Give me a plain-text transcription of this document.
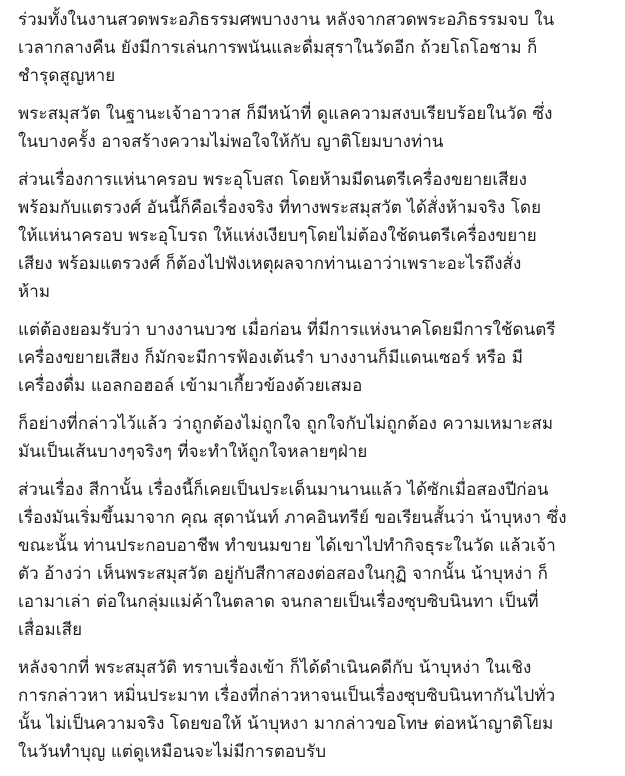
ร่วมทั้งในงานสวดพระอภิธรรมศพบางงาน หลังจากสวดพระอภิธรรมจบ ใน
เวลากลางคืน ยังมีการเล่นการพนันและดื่มสุราในวัดอีก ถ้วยโถโอชาม ก็
ชำรุดสูญหาย

พระสมุสวัต ในฐานะเจ้าอาวาส ก็มีหน้าที่ ดูแลความสงบเรียบร้อยในวัด ซึ่ง
ในบางครั้ง อาจสร้างความไม่พอใจให้กับ ญาติโยมบางท่าน

ส่วนเรื่องการแห่นาครอบ พระอุโบสถ โดยห้ามมีดนตรีเครื่องขยายเสียง
พร้อมกับแตรวงศ์ อันนี้ก็คือเรื่องจริง ที่ทางพระสมุสวัต ได้สั่งห้ามจริง โดย
ให้แห่นาครอบ พระอุโบรถ ให้แห่งเงียบๆโดยไม่ต้องใช้ดนตรีเครื่องขยาย
เสียง พร้อมแตรวงศ์ ก็ต้องไปฟังเหตุผลจากท่านเอาว่าเพราะอะไรถึงสั่ง
ห้าม

แต่ต้องยอมรับว่า บางงานบวช เมื่อก่อน ที่มีการแห่งนาคโดยมีการใช้ดนตรี
เครื่องขยายเสียง ก็มักจะมีการฟ้องเต้นรำ บางงานก็มีแดนเซอร์ หรือ มี
เครื่องดื่ม แอลกอฮอล์ เข้ามาเกี้ยวข้องด้วยเสมอ

ก็อย่างที่กล่าวไว้แล้ว ว่าถูกต้องไม่ถูกใจ ถูกใจกับไม่ถูกต้อง ความเหมาะสม
มันเป็นเส้นบางๆจริงๆ ที่จะทำให้ถูกใจหลายๆฝ่าย

ส่วนเรื่อง สีกานั้น เรื่องนี้ก็เคยเป็นประเด็นมานานแล้ว ได้ซักเมื่อสองปีก่อน
เรื่องมันเริ่มขึ้นมาจาก คุณ สุดานันท์ ภาคอินทรีย์ ขอเรียนสั้นว่า น้าบุหงา ซึ่ง
ขณะนั้น ท่านประกอบอาชีพ ทำขนมขาย ได้เขาไปทำกิจธุระในวัด แล้วเจ้า
ตัว อ้างว่า เห็นพระสมุสวัต อยู่กับสีกาสองต่อสองในกุฏิ จากนั้น น้าบุหง่า ก็
เอามาเล่า ต่อในกลุ่มแม่ค้าในตลาด จนกลายเป็นเรื่องซุบซิบนินทา เป็นที่
เสื่อมเสีย

หลังจากที่ พระสมุสวัติ ทราบเรื่องเข้า ก็ได้ดำเนินคดีกับ น้าบุหง่า ในเชิง
การกล่าวหา หมิ่นประมาท เรื่องที่กล่าวหาจนเป็นเรื่องซุบซิบนินทากันไปทั่ว
นั้น ไม่เป็นความจริง โดยขอให้ น้าบุหงา มากล่าวขอโทษ ต่อหน้าญาติโยม
ในวันทำบุญ แต่ดูเหมือนจะไม่มีการตอบรับ
